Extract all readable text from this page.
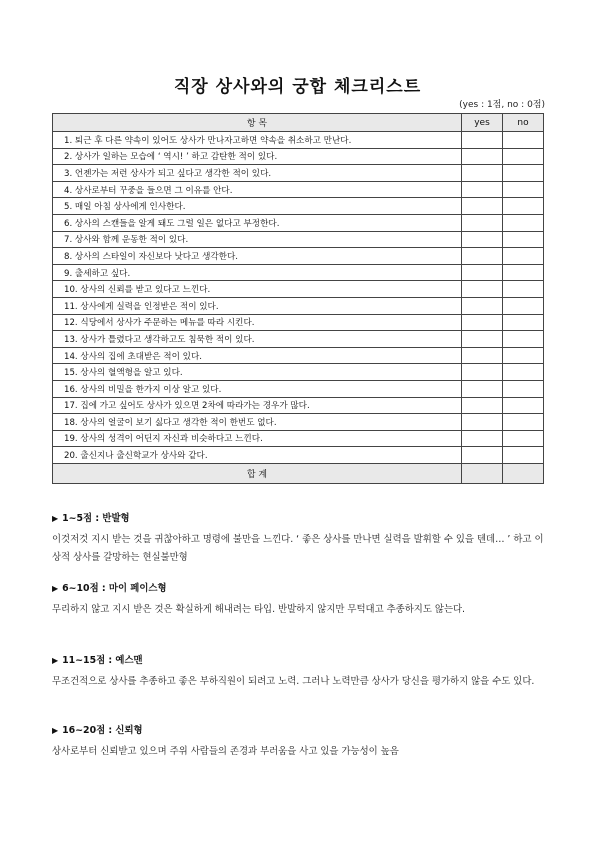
직장 상사와의 궁합 체크리스트
(yes : 1점, no : 0점)
항 목	yes	no
1. 퇴근 후 다른 약속이 있어도 상사가 만나자고하면 약속을 취소하고 만난다.		
2. 상사가 일하는 모습에 ‘ 역시! ’ 하고 감탄한 적이 있다.		
3. 언젠가는 저런 상사가 되고 싶다고 생각한 적이 있다.		
4. 상사로부터 꾸중을 들으면 그 이유를 안다.		
5. 매일 아침 상사에게 인사한다.		
6. 상사의 스캔들을 알게 돼도 그럴 일은 없다고 부정한다.		
7. 상사와 함께 운동한 적이 있다.		
8. 상사의 스타일이 자신보다 낫다고 생각한다.		
9. 출세하고 싶다.		
10. 상사의 신뢰를 받고 있다고 느낀다.		
11. 상사에게 실력을 인정받은 적이 있다.		
12. 식당에서 상사가 주문하는 메뉴를 따라 시킨다.		
13. 상사가 틀렸다고 생각하고도 침묵한 적이 있다.		
14. 상사의 집에 초대받은 적이 있다.		
15. 상사의 혈액형을 알고 있다.		
16. 상사의 비밀을 한가지 이상 알고 있다.		
17. 집에 가고 싶어도 상사가 있으면 2차에 따라가는 경우가 많다.		
18. 상사의 얼굴이 보기 싫다고 생각한 적이 한번도 없다.		
19. 상사의 성격이 어딘지 자신과 비슷하다고 느낀다.		
20. 출신지나 출신학교가 상사와 같다.		
합 계		
▶ 1~5점 : 반발형
이것저것 지시 받는 것을 귀찮아하고 명령에 불만을 느낀다. ‘ 좋은 상사를 만나면 실력을 발휘할 수 있을 텐데… ’ 하고 이상적 상사를 갈망하는 현실불만형
▶ 6~10점 : 마이 페이스형
무리하지 않고 지시 받은 것은 확실하게 해내려는 타입. 반발하지 않지만 무턱대고 추종하지도 않는다.
▶ 11~15점 : 예스맨
무조건적으로 상사를 추종하고 좋은 부하직원이 되려고 노력. 그러나 노력만큼 상사가 당신을 평가하지 않을 수도 있다.
▶ 16~20점 : 신뢰형
상사로부터 신뢰받고 있으며 주위 사람들의 존경과 부러움을 사고 있을 가능성이 높음
